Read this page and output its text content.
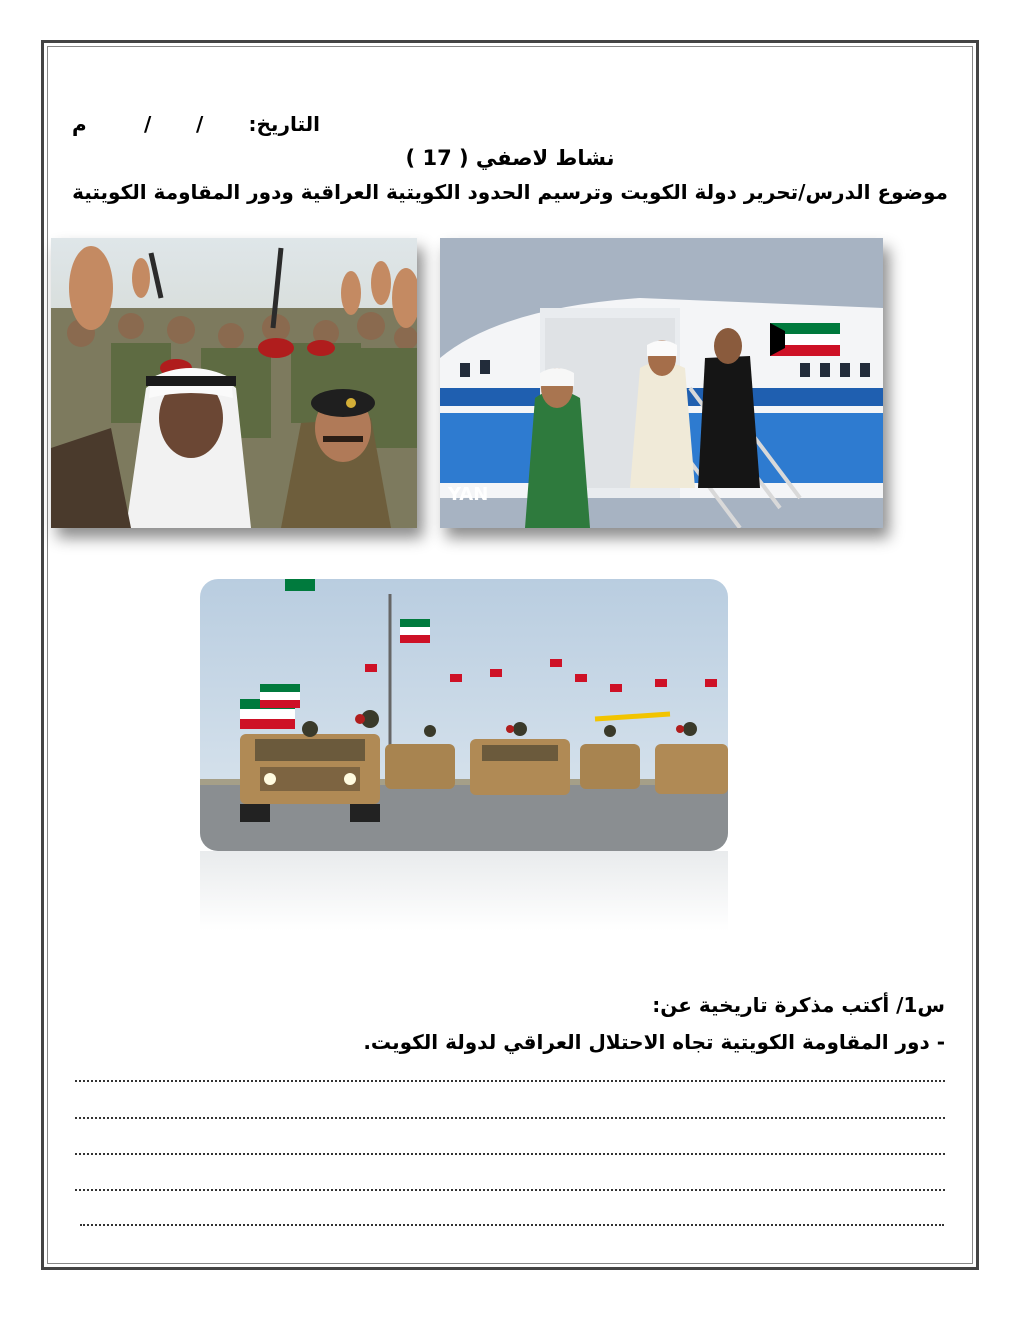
التاريخ:
/
/
م
نشاط لاصفي ( 17 )
موضوع الدرس/تحرير دولة الكويت وترسيم الحدود الكويتية العراقية ودور المقاومة الكويتية
YAN
س1/ أكتب مذكرة تاريخية عن:
- دور المقاومة الكويتية تجاه الاحتلال العراقي لدولة الكويت.
